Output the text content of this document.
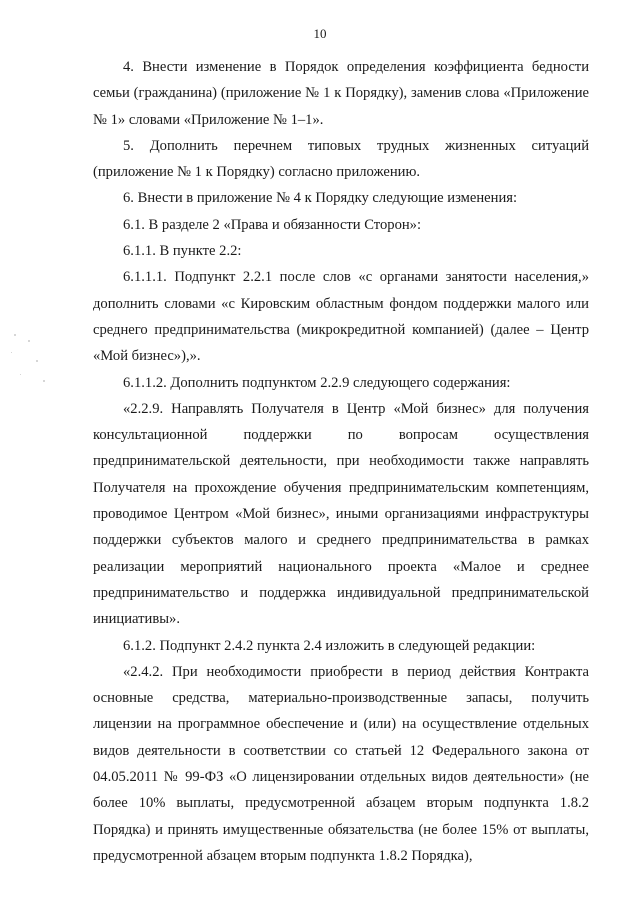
10

4. Внести изменение в Порядок определения коэффициента бедности семьи (гражданина) (приложение № 1 к Порядку), заменив слова «Приложение № 1» словами «Приложение № 1–1».

5. Дополнить перечнем типовых трудных жизненных ситуаций (приложение № 1 к Порядку) согласно приложению.

6. Внести в приложение № 4 к Порядку следующие изменения:

6.1. В разделе 2 «Права и обязанности Сторон»:

6.1.1. В пункте 2.2:

6.1.1.1. Подпункт 2.2.1 после слов «с органами занятости населения,» дополнить словами «с Кировским областным фондом поддержки малого или среднего предпринимательства (микрокредитной компанией) (далее – Центр «Мой бизнес»),».

6.1.1.2. Дополнить подпунктом 2.2.9 следующего содержания:

«2.2.9. Направлять Получателя в Центр «Мой бизнес» для получения консультационной поддержки по вопросам осуществления предпринимательской деятельности, при необходимости также направлять Получателя на прохождение обучения предпринимательским компетенциям, проводимое Центром «Мой бизнес», иными организациями инфраструктуры поддержки субъектов малого и среднего предпринимательства в рамках реализации мероприятий национального проекта «Малое и среднее предпринимательство и поддержка индивидуальной предпринимательской инициативы».

6.1.2. Подпункт 2.4.2 пункта 2.4 изложить в следующей редакции:

«2.4.2. При необходимости приобрести в период действия Контракта основные средства, материально-производственные запасы, получить лицензии на программное обеспечение и (или) на осуществление отдельных видов деятельности в соответствии со статьей 12 Федерального закона от 04.05.2011 № 99-ФЗ «О лицензировании отдельных видов деятельности» (не более 10% выплаты, предусмотренной абзацем вторым подпункта 1.8.2 Порядка) и принять имущественные обязательства (не более 15% от выплаты, предусмотренной абзацем вторым подпункта 1.8.2 Порядка),
